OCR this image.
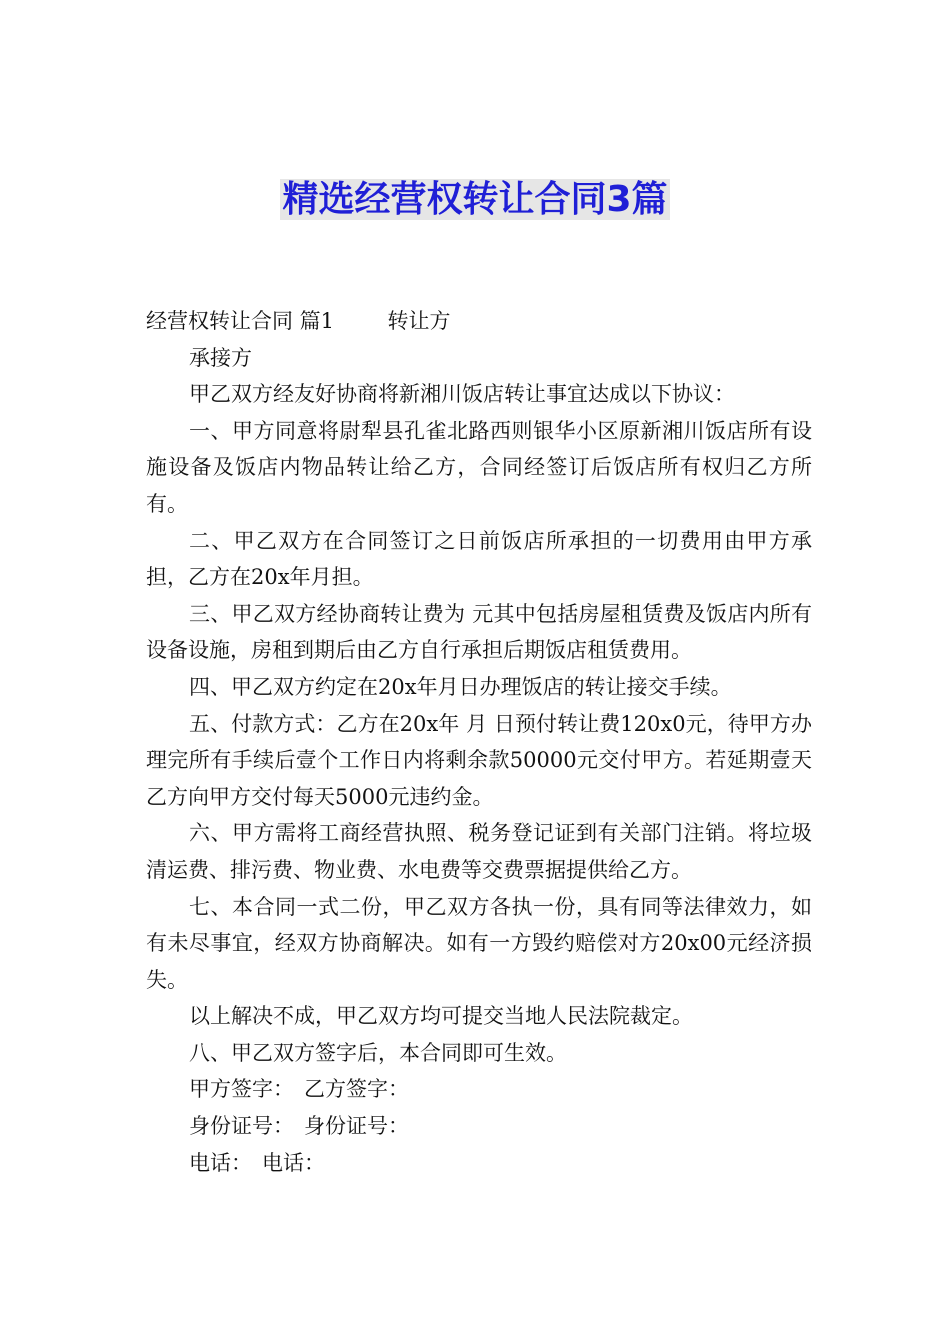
精选经营权转让合同3篇

经营权转让合同 篇1	转让方

承接方

甲乙双方经友好协商将新湘川饭店转让事宜达成以下协议：

一、甲方同意将尉犁县孔雀北路西则银华小区原新湘川饭店所有设施设备及饭店内物品转让给乙方，合同经签订后饭店所有权归乙方所有。

二、甲乙双方在合同签订之日前饭店所承担的一切费用由甲方承担，乙方在20x年月担。

三、甲乙双方经协商转让费为 元其中包括房屋租赁费及饭店内所有设备设施，房租到期后由乙方自行承担后期饭店租赁费用。

四、甲乙双方约定在20x年月日办理饭店的转让接交手续。

五、付款方式：乙方在20x年 月 日预付转让费120x0元，待甲方办理完所有手续后壹个工作日内将剩余款50000元交付甲方。若延期壹天乙方向甲方交付每天5000元违约金。

六、甲方需将工商经营执照、税务登记证到有关部门注销。将垃圾清运费、排污费、物业费、水电费等交费票据提供给乙方。

七、本合同一式二份，甲乙双方各执一份，具有同等法律效力，如有未尽事宜，经双方协商解决。如有一方毁约赔偿对方20x00元经济损失。

以上解决不成，甲乙双方均可提交当地人民法院裁定。

八、甲乙双方签字后，本合同即可生效。

甲方签字： 乙方签字：

身份证号： 身份证号：

电话： 电话：
